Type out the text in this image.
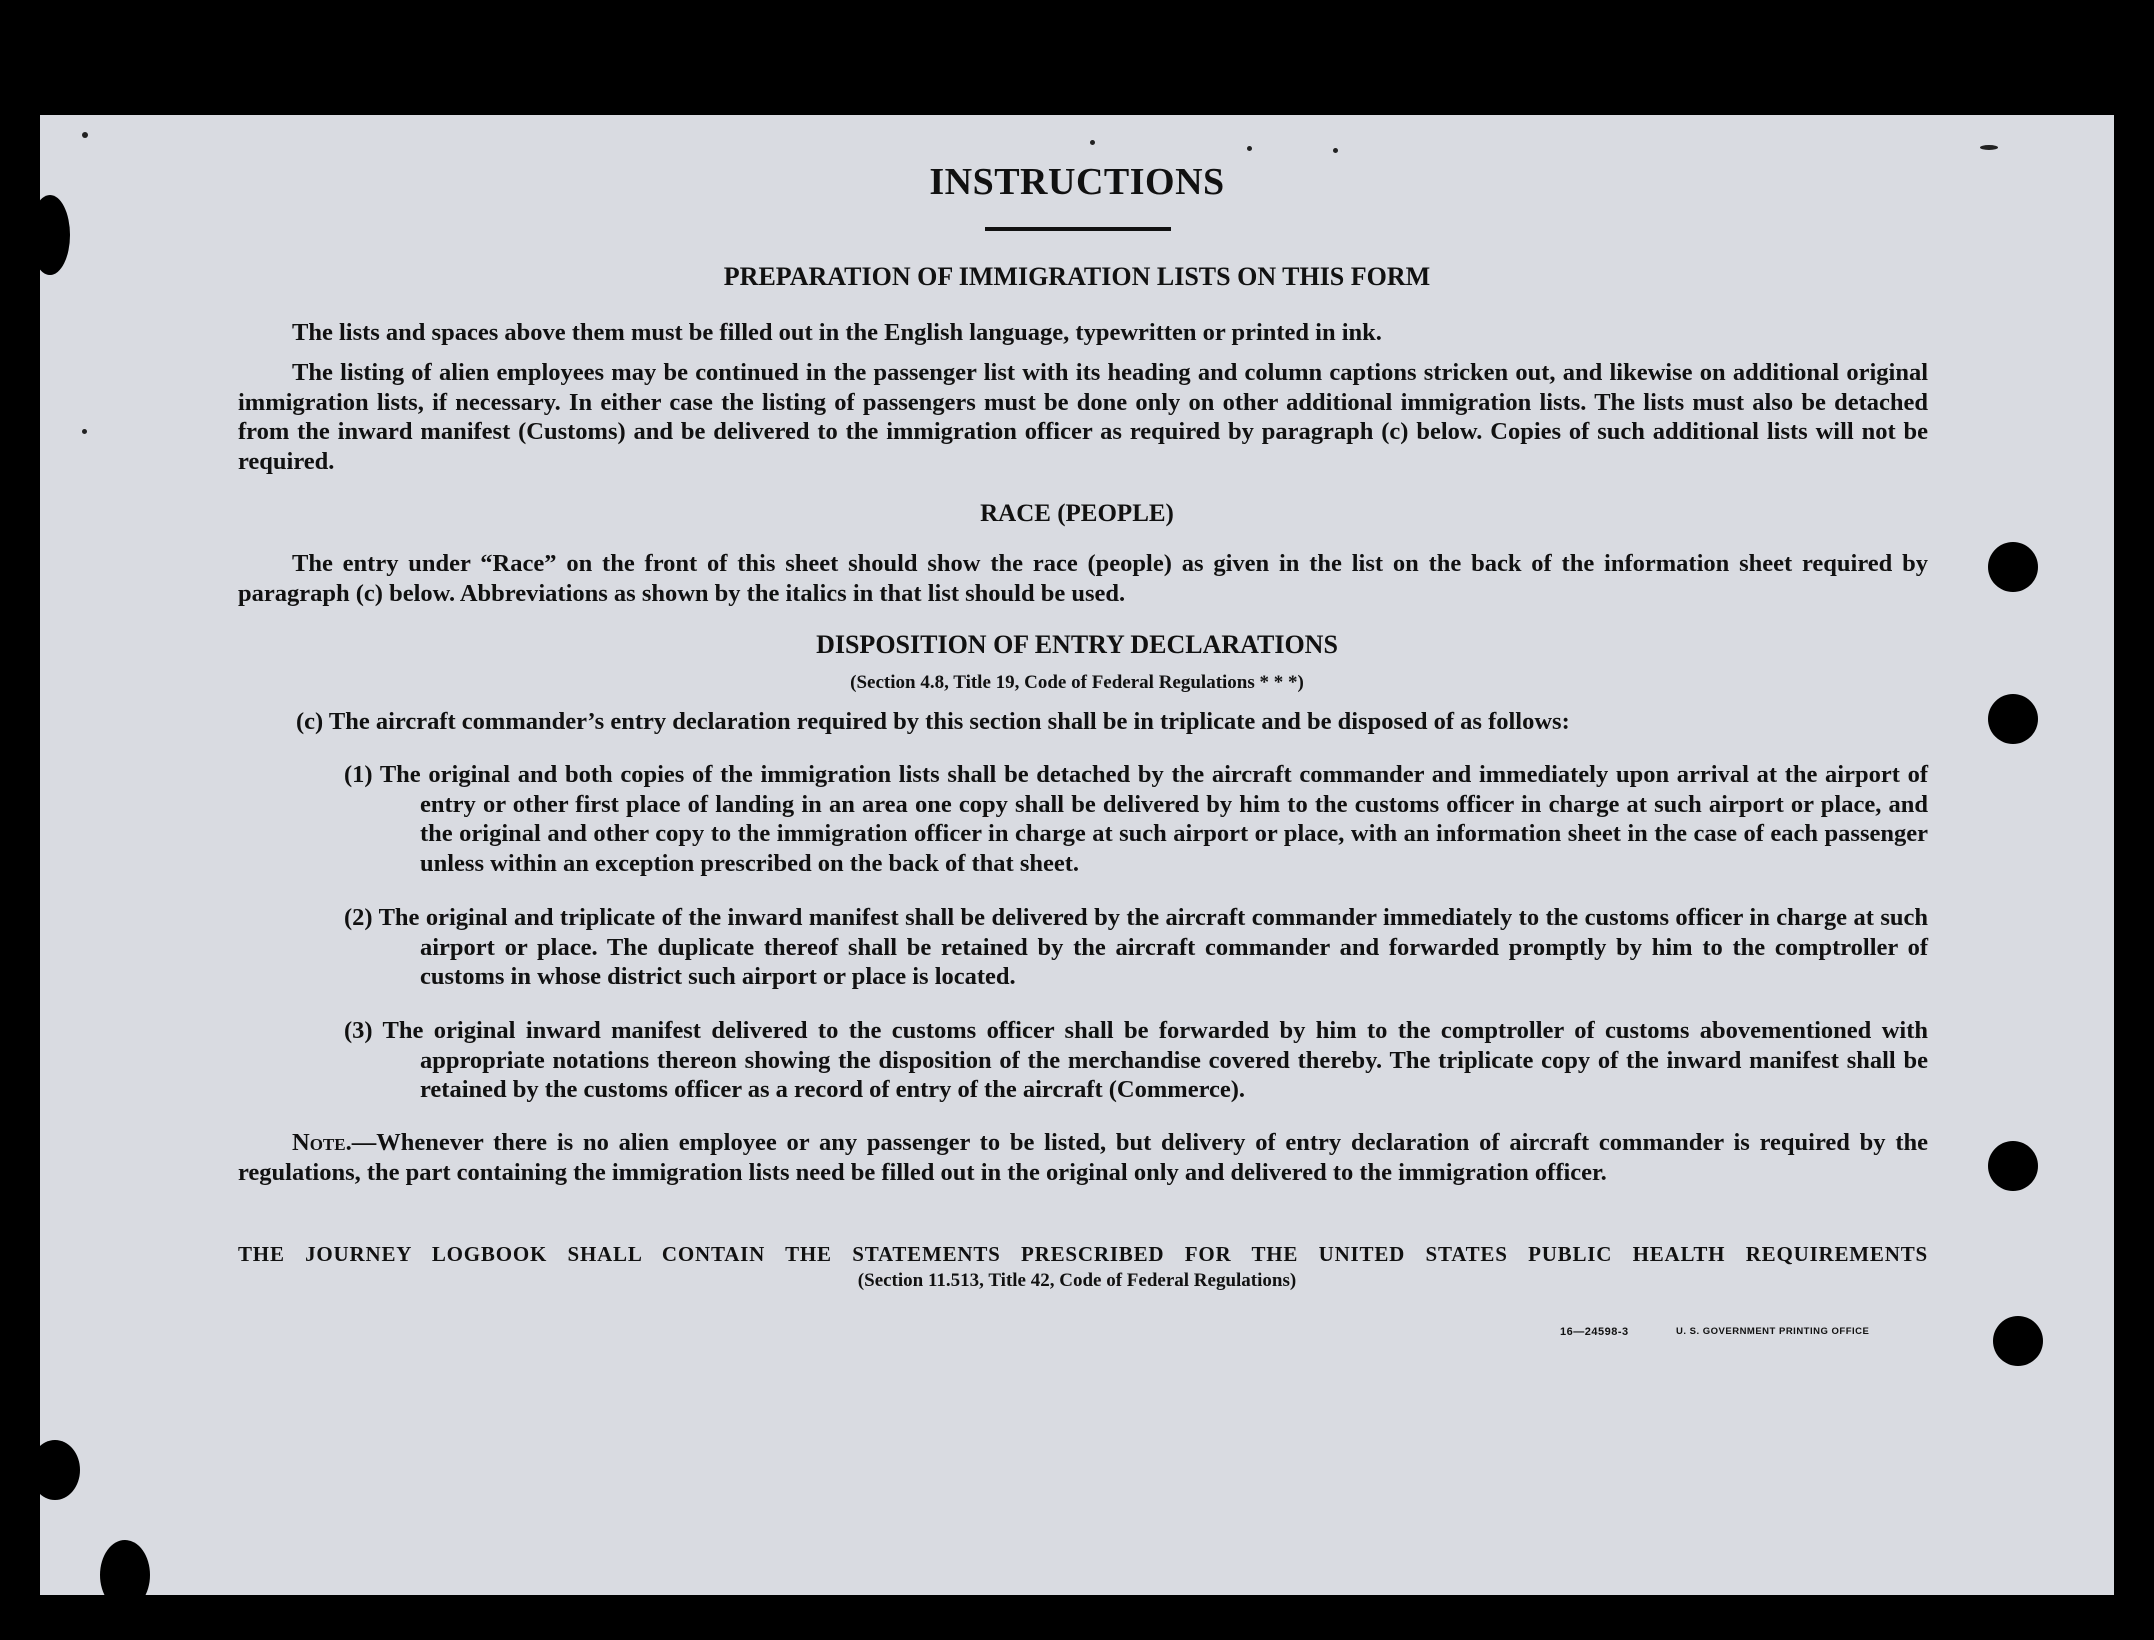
INSTRUCTIONS
PREPARATION OF IMMIGRATION LISTS ON THIS FORM
The lists and spaces above them must be filled out in the English language, typewritten or printed in ink.
The listing of alien employees may be continued in the passenger list with its heading and column captions stricken out, and likewise on additional original immigration lists, if necessary. In either case the listing of passengers must be done only on other additional immigration lists. The lists must also be detached from the inward manifest (Customs) and be delivered to the immigration officer as required by paragraph (c) below. Copies of such additional lists will not be required.
RACE (PEOPLE)
The entry under “Race” on the front of this sheet should show the race (people) as given in the list on the back of the information sheet required by paragraph (c) below. Abbreviations as shown by the italics in that list should be used.
DISPOSITION OF ENTRY DECLARATIONS
(Section 4.8, Title 19, Code of Federal Regulations * * *)
(c) The aircraft commander’s entry declaration required by this section shall be in triplicate and be disposed of as follows:
(1) The original and both copies of the immigration lists shall be detached by the aircraft commander and immediately upon arrival at the airport of entry or other first place of landing in an area one copy shall be delivered by him to the customs officer in charge at such airport or place, and the original and other copy to the immigration officer in charge at such airport or place, with an information sheet in the case of each passenger unless within an exception prescribed on the back of that sheet.
(2) The original and triplicate of the inward manifest shall be delivered by the aircraft commander immediately to the customs officer in charge at such airport or place. The duplicate thereof shall be retained by the aircraft commander and forwarded promptly by him to the comptroller of customs in whose district such airport or place is located.
(3) The original inward manifest delivered to the customs officer shall be forwarded by him to the comptroller of customs abovementioned with appropriate notations thereon showing the disposition of the merchandise covered thereby. The triplicate copy of the inward manifest shall be retained by the customs officer as a record of entry of the aircraft (Commerce).
Note.—Whenever there is no alien employee or any passenger to be listed, but delivery of entry declaration of aircraft commander is required by the regulations, the part containing the immigration lists need be filled out in the original only and delivered to the immigration officer.
THE JOURNEY LOGBOOK SHALL CONTAIN THE STATEMENTS PRESCRIBED FOR THE UNITED STATES PUBLIC HEALTH REQUIREMENTS
(Section 11.513, Title 42, Code of Federal Regulations)
16—24598-3	U. S. GOVERNMENT PRINTING OFFICE
